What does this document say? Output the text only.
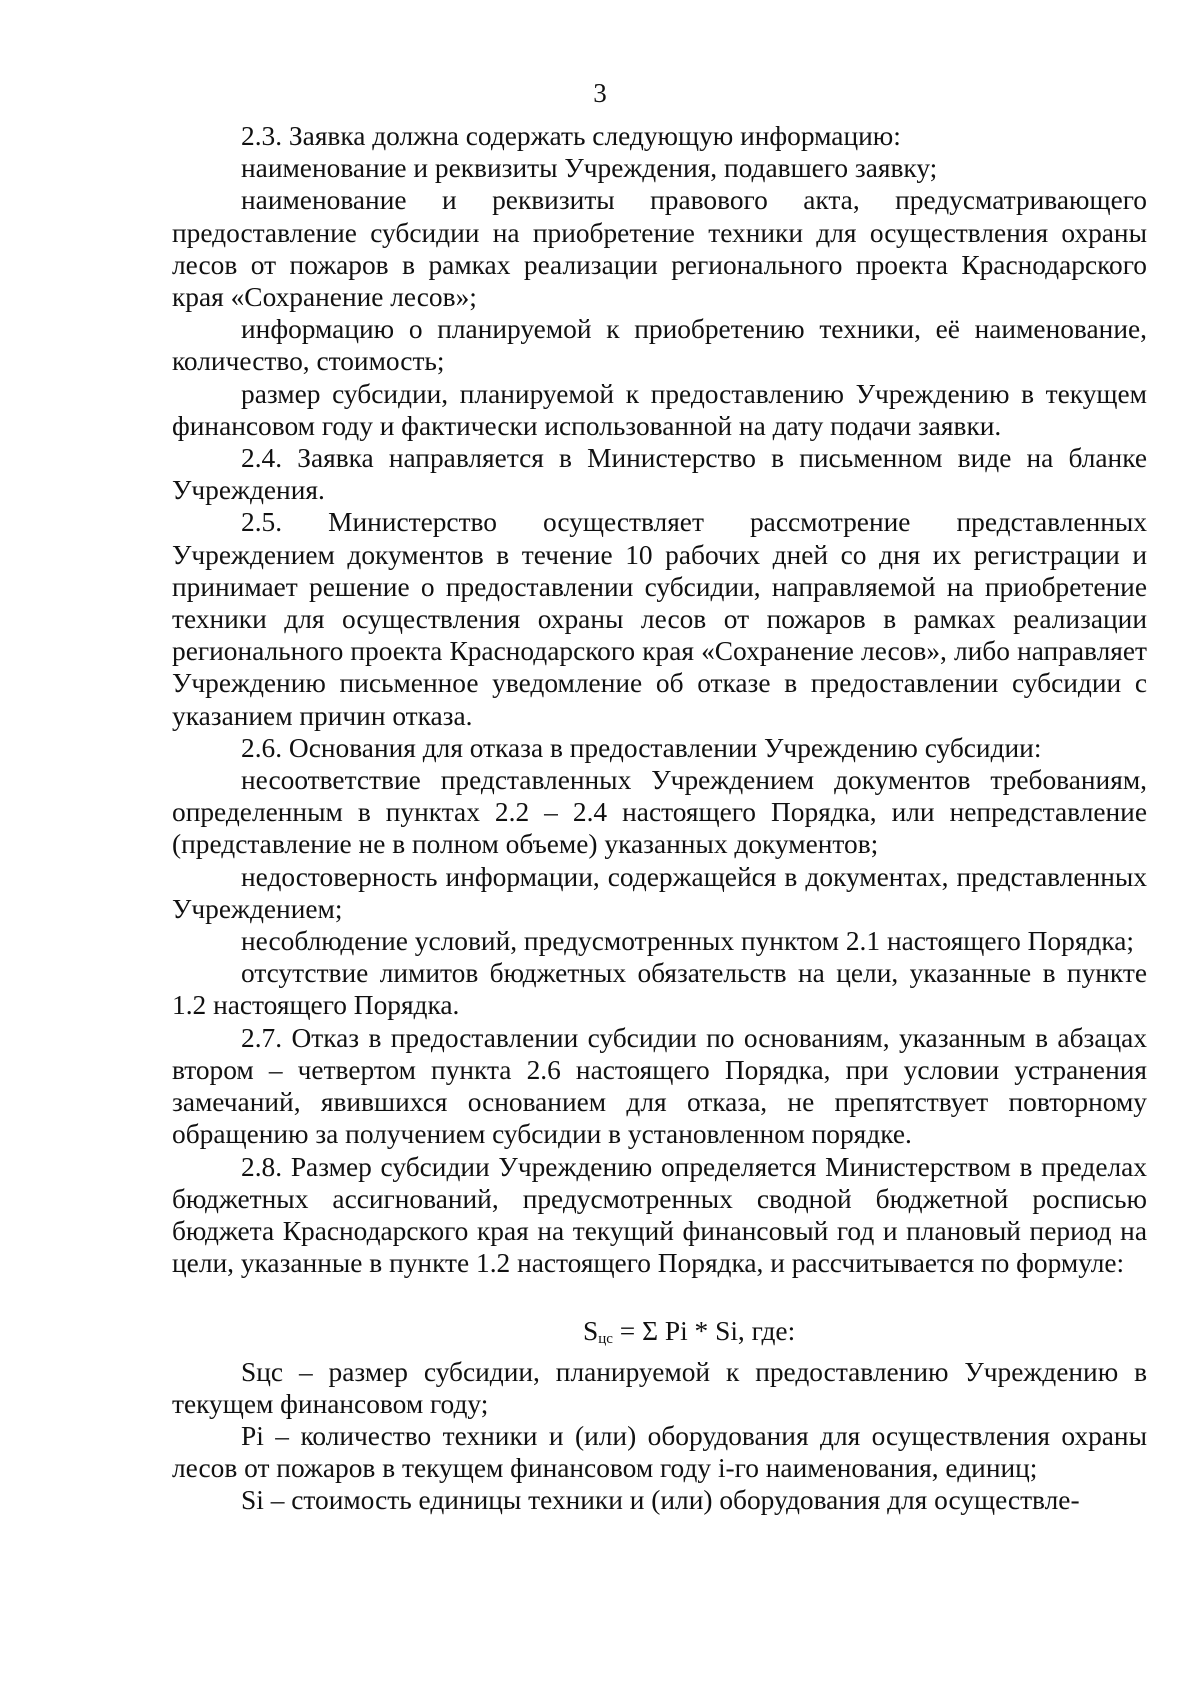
3

2.3. Заявка должна содержать следующую информацию:

наименование и реквизиты Учреждения, подавшего заявку;

наименование и реквизиты правового акта, предусматривающего предоставление субсидии на приобретение техники для осуществления охраны лесов от пожаров в рамках реализации регионального проекта Краснодарского края «Сохранение лесов»;

информацию о планируемой к приобретению техники, её наименование, количество, стоимость;

размер субсидии, планируемой к предоставлению Учреждению в текущем финансовом году и фактически использованной на дату подачи заявки.

2.4. Заявка направляется в Министерство в письменном виде на бланке Учреждения.

2.5. Министерство осуществляет рассмотрение представленных Учреждением документов в течение 10 рабочих дней со дня их регистрации и принимает решение о предоставлении субсидии, направляемой на приобретение техники для осуществления охраны лесов от пожаров в рамках реализации регионального проекта Краснодарского края «Сохранение лесов», либо направляет Учреждению письменное уведомление об отказе в предоставлении субсидии с указанием причин отказа.

2.6. Основания для отказа в предоставлении Учреждению субсидии:

несоответствие представленных Учреждением документов требованиям, определенным в пунктах 2.2 – 2.4 настоящего Порядка, или непредставление (представление не в полном объеме) указанных документов;

недостоверность информации, содержащейся в документах, представленных Учреждением;

несоблюдение условий, предусмотренных пунктом 2.1 настоящего Порядка;

отсутствие лимитов бюджетных обязательств на цели, указанные в пункте 1.2 настоящего Порядка.

2.7. Отказ в предоставлении субсидии по основаниям, указанным в абзацах втором – четвертом пункта 2.6 настоящего Порядка, при условии устранения замечаний, явившихся основанием для отказа, не препятствует повторному обращению за получением субсидии в установленном порядке.

2.8. Размер субсидии Учреждению определяется Министерством в пределах бюджетных ассигнований, предусмотренных сводной бюджетной росписью бюджета Краснодарского края на текущий финансовый год и плановый период на цели, указанные в пункте 1.2 настоящего Порядка, и рассчитывается по формуле:

$S_{цс} = \Sigma$ Pi * Si, где:

Sцс – размер субсидии, планируемой к предоставлению Учреждению в текущем финансовом году;

Pi – количество техники и (или) оборудования для осуществления охраны лесов от пожаров в текущем финансовом году i-го наименования, единиц;

Si – стоимость единицы техники и (или) оборудования для осуществле-
